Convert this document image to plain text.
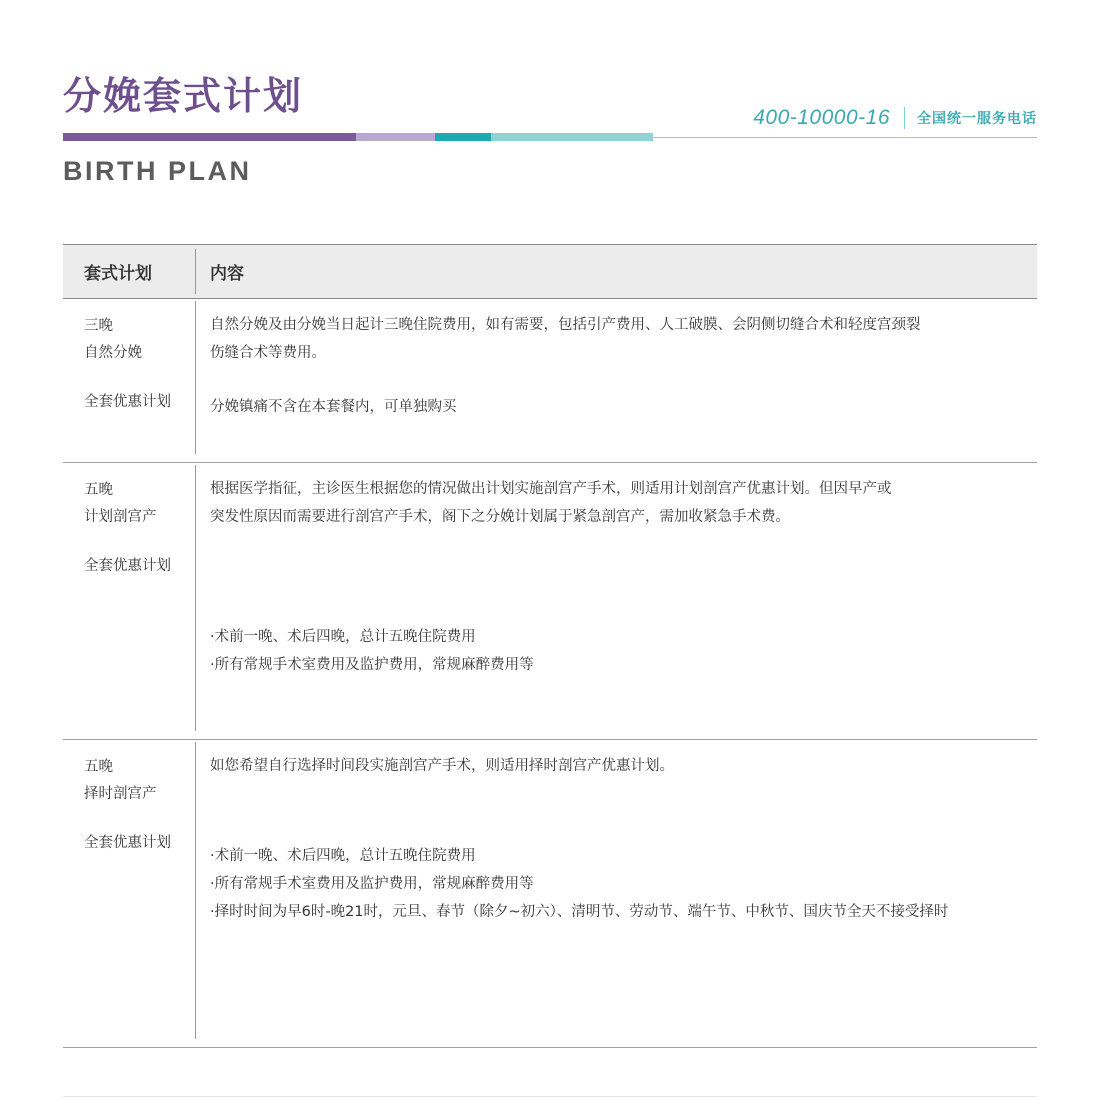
分娩套式计划	400-10000-16 全国统一服务电话
BIRTH PLAN
套式计划	内容
三晚
自然分娩
全套优惠计划

自然分娩及由分娩当日起计三晚住院费用，如有需要，包括引产费用、人工破膜、会阴侧切缝合术和轻度宫颈裂

伤缝合术等费用。

分娩镇痛不含在本套餐内，可单独购买

五晚
计划剖宫产
全套优惠计划

根据医学指征，主诊医生根据您的情况做出计划实施剖宫产手术，则适用计划剖宫产优惠计划。但因早产或

突发性原因而需要进行剖宫产手术，阁下之分娩计划属于紧急剖宫产，需加收紧急手术费。

·术前一晚、术后四晚，总计五晚住院费用

·所有常规手术室费用及监护费用，常规麻醉费用等

五晚
择时剖宫产
全套优惠计划

如您希望自行选择时间段实施剖宫产手术，则适用择时剖宫产优惠计划。

·术前一晚、术后四晚，总计五晚住院费用

·所有常规手术室费用及监护费用，常规麻醉费用等

·择时时间为早6时-晚21时，元旦、春节（除夕~初六）、清明节、劳动节、端午节、中秋节、国庆节全天不接受择时
